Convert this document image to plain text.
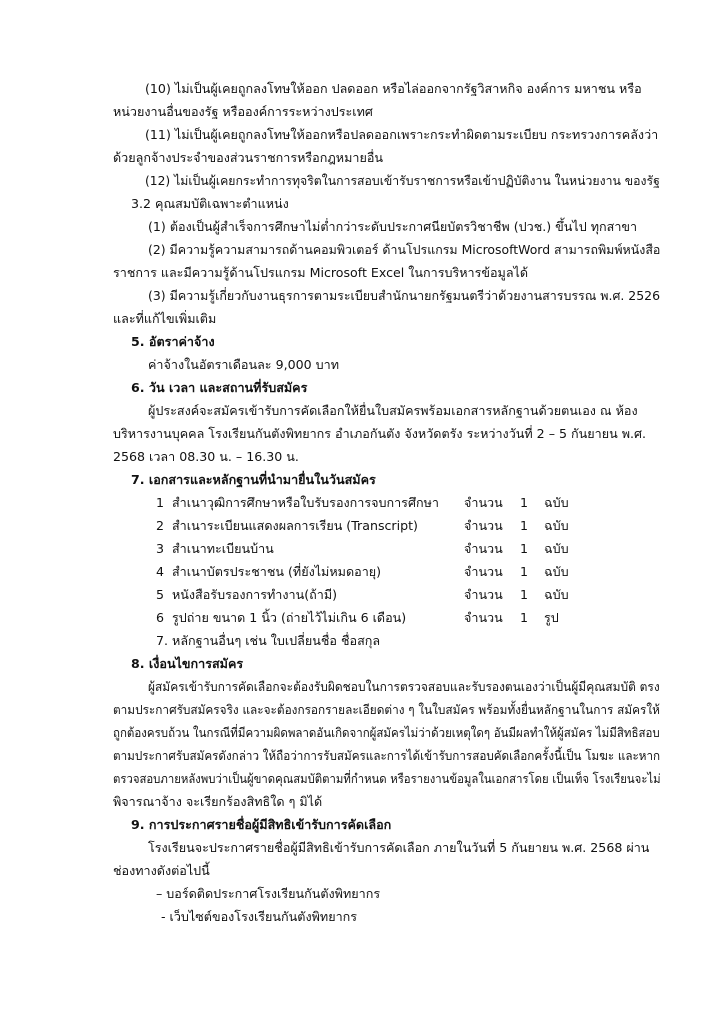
(10) ไม่เป็นผู้เคยถูกลงโทษให้ออก ปลดออก หรือไล่ออกจากรัฐวิสาหกิจ องค์การ มหาชน หรือ
หน่วยงานอื่นของรัฐ หรือองค์การระหว่างประเทศ
(11) ไม่เป็นผู้เคยถูกลงโทษให้ออกหรือปลดออกเพราะกระทำผิดตามระเบียบ กระทรวงการคลังว่า
ด้วยลูกจ้างประจำของส่วนราชการหรือกฎหมายอื่น
(12) ไม่เป็นผู้เคยกระทำการทุจริตในการสอบเข้ารับราชการหรือเข้าปฏิบัติงาน ในหน่วยงาน ของรัฐ
3.2 คุณสมบัติเฉพาะตำแหน่ง
(1) ต้องเป็นผู้สำเร็จการศึกษาไม่ต่ำกว่าระดับประกาศนียบัตรวิชาชีพ (ปวช.) ขึ้นไป ทุกสาขา
(2) มีความรู้ความสามารถด้านคอมพิวเตอร์ ด้านโปรแกรม MicrosoftWord สามารถพิมพ์หนังสือ
ราชการ และมีความรู้ด้านโปรแกรม Microsoft Excel ในการบริหารข้อมูลได้
(3) มีความรู้เกี่ยวกับงานธุรการตามระเบียบสำนักนายกรัฐมนตรีว่าด้วยงานสารบรรณ พ.ศ. 2526
และที่แก้ไขเพิ่มเติม
5. อัตราค่าจ้าง
ค่าจ้างในอัตราเดือนละ 9,000 บาท
6. วัน เวลา และสถานที่รับสมัคร
ผู้ประสงค์จะสมัครเข้ารับการคัดเลือกให้ยื่นใบสมัครพร้อมเอกสารหลักฐานด้วยตนเอง ณ ห้อง
บริหารงานบุคคล โรงเรียนกันตังพิทยากร อำเภอกันตัง จังหวัดตรัง ระหว่างวันที่ 2 – 5 กันยายน พ.ศ.
2568 เวลา 08.30 น. – 16.30 น.
7. เอกสารและหลักฐานที่นำมายื่นในวันสมัคร
1 สำเนาวุฒิการศึกษาหรือใบรับรองการจบการศึกษา จำนวน 1 ฉบับ
2 สำเนาระเบียนแสดงผลการเรียน (Transcript)	จำนวน 1 ฉบับ
3 สำเนาทะเบียนบ้าน	จำนวน 1 ฉบับ
4 สำเนาบัตรประชาชน (ที่ยังไม่หมดอายุ)	จำนวน 1 ฉบับ
5 หนังสือรับรองการทำงาน(ถ้ามี)	จำนวน 1 ฉบับ
6 รูปถ่าย ขนาด 1 นิ้ว (ถ่ายไว้ไม่เกิน 6 เดือน)	จำนวน 1 รูป
7. หลักฐานอื่นๆ เช่น ใบเปลี่ยนชื่อ ชื่อสกุล
8. เงื่อนไขการสมัคร
ผู้สมัครเข้ารับการคัดเลือกจะต้องรับผิดชอบในการตรวจสอบและรับรองตนเองว่าเป็นผู้มีคุณสมบัติ ตรง
ตามประกาศรับสมัครจริง และจะต้องกรอกรายละเอียดต่าง ๆ ในใบสมัคร พร้อมทั้งยื่นหลักฐานในการ สมัครให้
ถูกต้องครบถ้วน ในกรณีที่มีความผิดพลาดอันเกิดจากผู้สมัครไม่ว่าด้วยเหตุใดๆ อันมีผลทำให้ผู้สมัคร ไม่มีสิทธิสอบ
ตามประกาศรับสมัครดังกล่าว ให้ถือว่าการรับสมัครและการได้เข้ารับการสอบคัดเลือกครั้งนี้เป็น โมฆะ และหาก
ตรวจสอบภายหลังพบว่าเป็นผู้ขาดคุณสมบัติตามที่กำหนด หรือรายงานข้อมูลในเอกสารโดย เป็นเท็จ โรงเรียนจะไม่
พิจารณาจ้าง จะเรียกร้องสิทธิใด ๆ มิได้
9. การประกาศรายชื่อผู้มีสิทธิเข้ารับการคัดเลือก
โรงเรียนจะประกาศรายชื่อผู้มีสิทธิเข้ารับการคัดเลือก ภายในวันที่ 5 กันยายน พ.ศ. 2568 ผ่าน
ช่องทางดังต่อไปนี้
– บอร์ดติดประกาศโรงเรียนกันตังพิทยากร
- เว็บไซต์ของโรงเรียนกันตังพิทยากร
